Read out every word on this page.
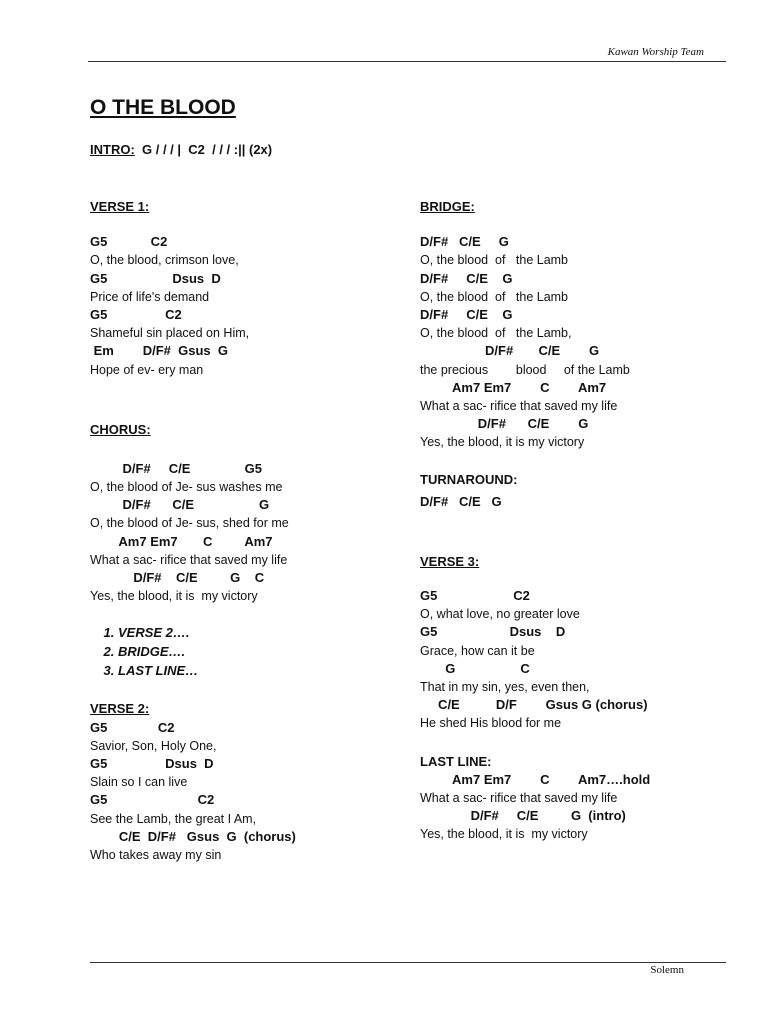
Kawan Worship Team
O THE BLOOD
INTRO:  G / / / |  C2  / / / :|| (2x)
VERSE 1:
G5            C2
O, the blood, crimson love,
G5                  Dsus  D
Price of life's demand
G5                C2
Shameful sin placed on Him,
Em        D/F#  Gsus  G
Hope of ev- ery man
CHORUS:
D/F#     C/E               G5
O, the blood of Je- sus washes me
D/F#      C/E                  G
O, the blood of Je- sus, shed for me
Am7 Em7       C         Am7
What a sac- rifice that saved my life
D/F#    C/E         G    C
Yes, the blood, it is  my victory
1. VERSE 2….
2. BRIDGE….
3. LAST LINE…
VERSE 2:
G5              C2
Savior, Son, Holy One,
G5                Dsus  D
Slain so I can live
G5                         C2
See the Lamb, the great I Am,
C/E  D/F#   Gsus  G  (chorus)
Who takes away my sin
BRIDGE:
D/F#   C/E     G
O, the blood  of   the Lamb
D/F#     C/E    G
O, the blood  of   the Lamb
D/F#     C/E    G
O, the blood  of   the Lamb,
D/F#       C/E        G
the precious        blood     of the Lamb
Am7 Em7        C        Am7
What a sac- rifice that saved my life
D/F#      C/E        G
Yes, the blood, it is my victory
TURNAROUND:
D/F#   C/E   G
VERSE 3:
G5                     C2
O, what love, no greater love
G5                    Dsus    D
Grace, how can it be
G                  C
That in my sin, yes, even then,
C/E          D/F        Gsus G (chorus)
He shed His blood for me
LAST LINE:
Am7 Em7        C        Am7….hold
What a sac- rifice that saved my life
D/F#     C/E         G  (intro)
Yes, the blood, it is  my victory
Solemn
